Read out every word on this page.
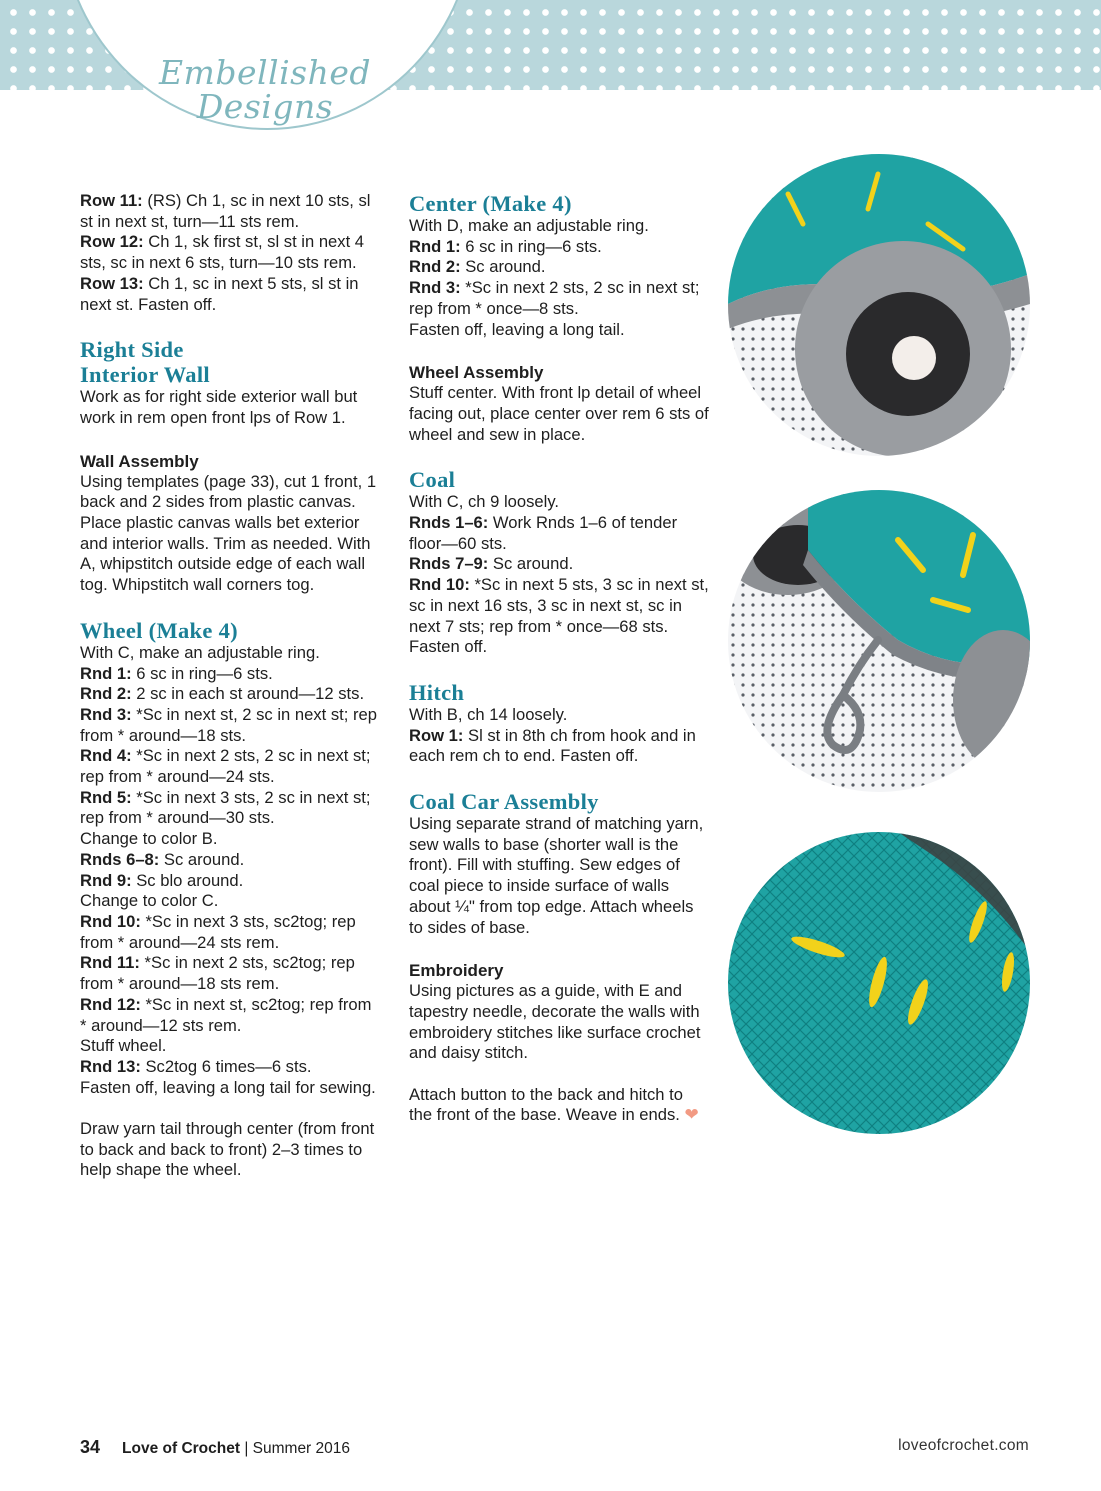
Embellished
Designs

Row 11: (RS) Ch 1, sc in next 10 sts, sl st in next st, turn—11 sts rem.

Row 12: Ch 1, sk first st, sl st in next 4 sts, sc in next 6 sts, turn—10 sts rem.

Row 13: Ch 1, sc in next 5 sts, sl st in next st. Fasten off.

Right Side

Interior Wall

Work as for right side exterior wall but work in rem open front lps of Row 1.

Wall Assembly

Using templates (page 33), cut 1 front, 1 back and 2 sides from plastic canvas. Place plastic canvas walls bet exterior and interior walls. Trim as needed. With A, whipstitch outside edge of each wall tog. Whipstitch wall corners tog.

Wheel (Make 4)

With C, make an adjustable ring.

Rnd 1: 6 sc in ring—6 sts.

Rnd 2: 2 sc in each st around—12 sts.

Rnd 3: *Sc in next st, 2 sc in next st; rep from * around—18 sts.

Rnd 4: *Sc in next 2 sts, 2 sc in next st; rep from * around—24 sts.

Rnd 5: *Sc in next 3 sts, 2 sc in next st; rep from * around—30 sts.

Change to color B.

Rnds 6–8: Sc around.

Rnd 9: Sc blo around.

Change to color C.

Rnd 10: *Sc in next 3 sts, sc2tog; rep from * around—24 sts rem.

Rnd 11: *Sc in next 2 sts, sc2tog; rep from * around—18 sts rem.

Rnd 12: *Sc in next st, sc2tog; rep from * around—12 sts rem.

Stuff wheel.

Rnd 13: Sc2tog 6 times—6 sts.

Fasten off, leaving a long tail for sewing.

Draw yarn tail through center (from front to back and back to front) 2–3 times to help shape the wheel.

Center (Make 4)

With D, make an adjustable ring.

Rnd 1: 6 sc in ring—6 sts.

Rnd 2: Sc around.

Rnd 3: *Sc in next 2 sts, 2 sc in next st; rep from * once—8 sts.

Fasten off, leaving a long tail.

Wheel Assembly

Stuff center. With front lp detail of wheel facing out, place center over rem 6 sts of wheel and sew in place.

Coal

With C, ch 9 loosely.

Rnds 1–6: Work Rnds 1–6 of tender floor—60 sts.

Rnds 7–9: Sc around.

Rnd 10: *Sc in next 5 sts, 3 sc in next st, sc in next 16 sts, 3 sc in next st, sc in next 7 sts; rep from * once—68 sts. Fasten off.

Hitch

With B, ch 14 loosely.

Row 1: Sl st in 8th ch from hook and in each rem ch to end. Fasten off.

Coal Car Assembly

Using separate strand of matching yarn, sew walls to base (shorter wall is the front). Fill with stuffing. Sew edges of coal piece to inside surface of walls about ¼" from top edge. Attach wheels to sides of base.

Embroidery

Using pictures as a guide, with E and tapestry needle, decorate the walls with embroidery stitches like surface crochet and daisy stitch.

Attach button to the back and hitch to the front of the base. Weave in ends. ❤

34 Love of Crochet | Summer 2016	loveofcrochet.com
